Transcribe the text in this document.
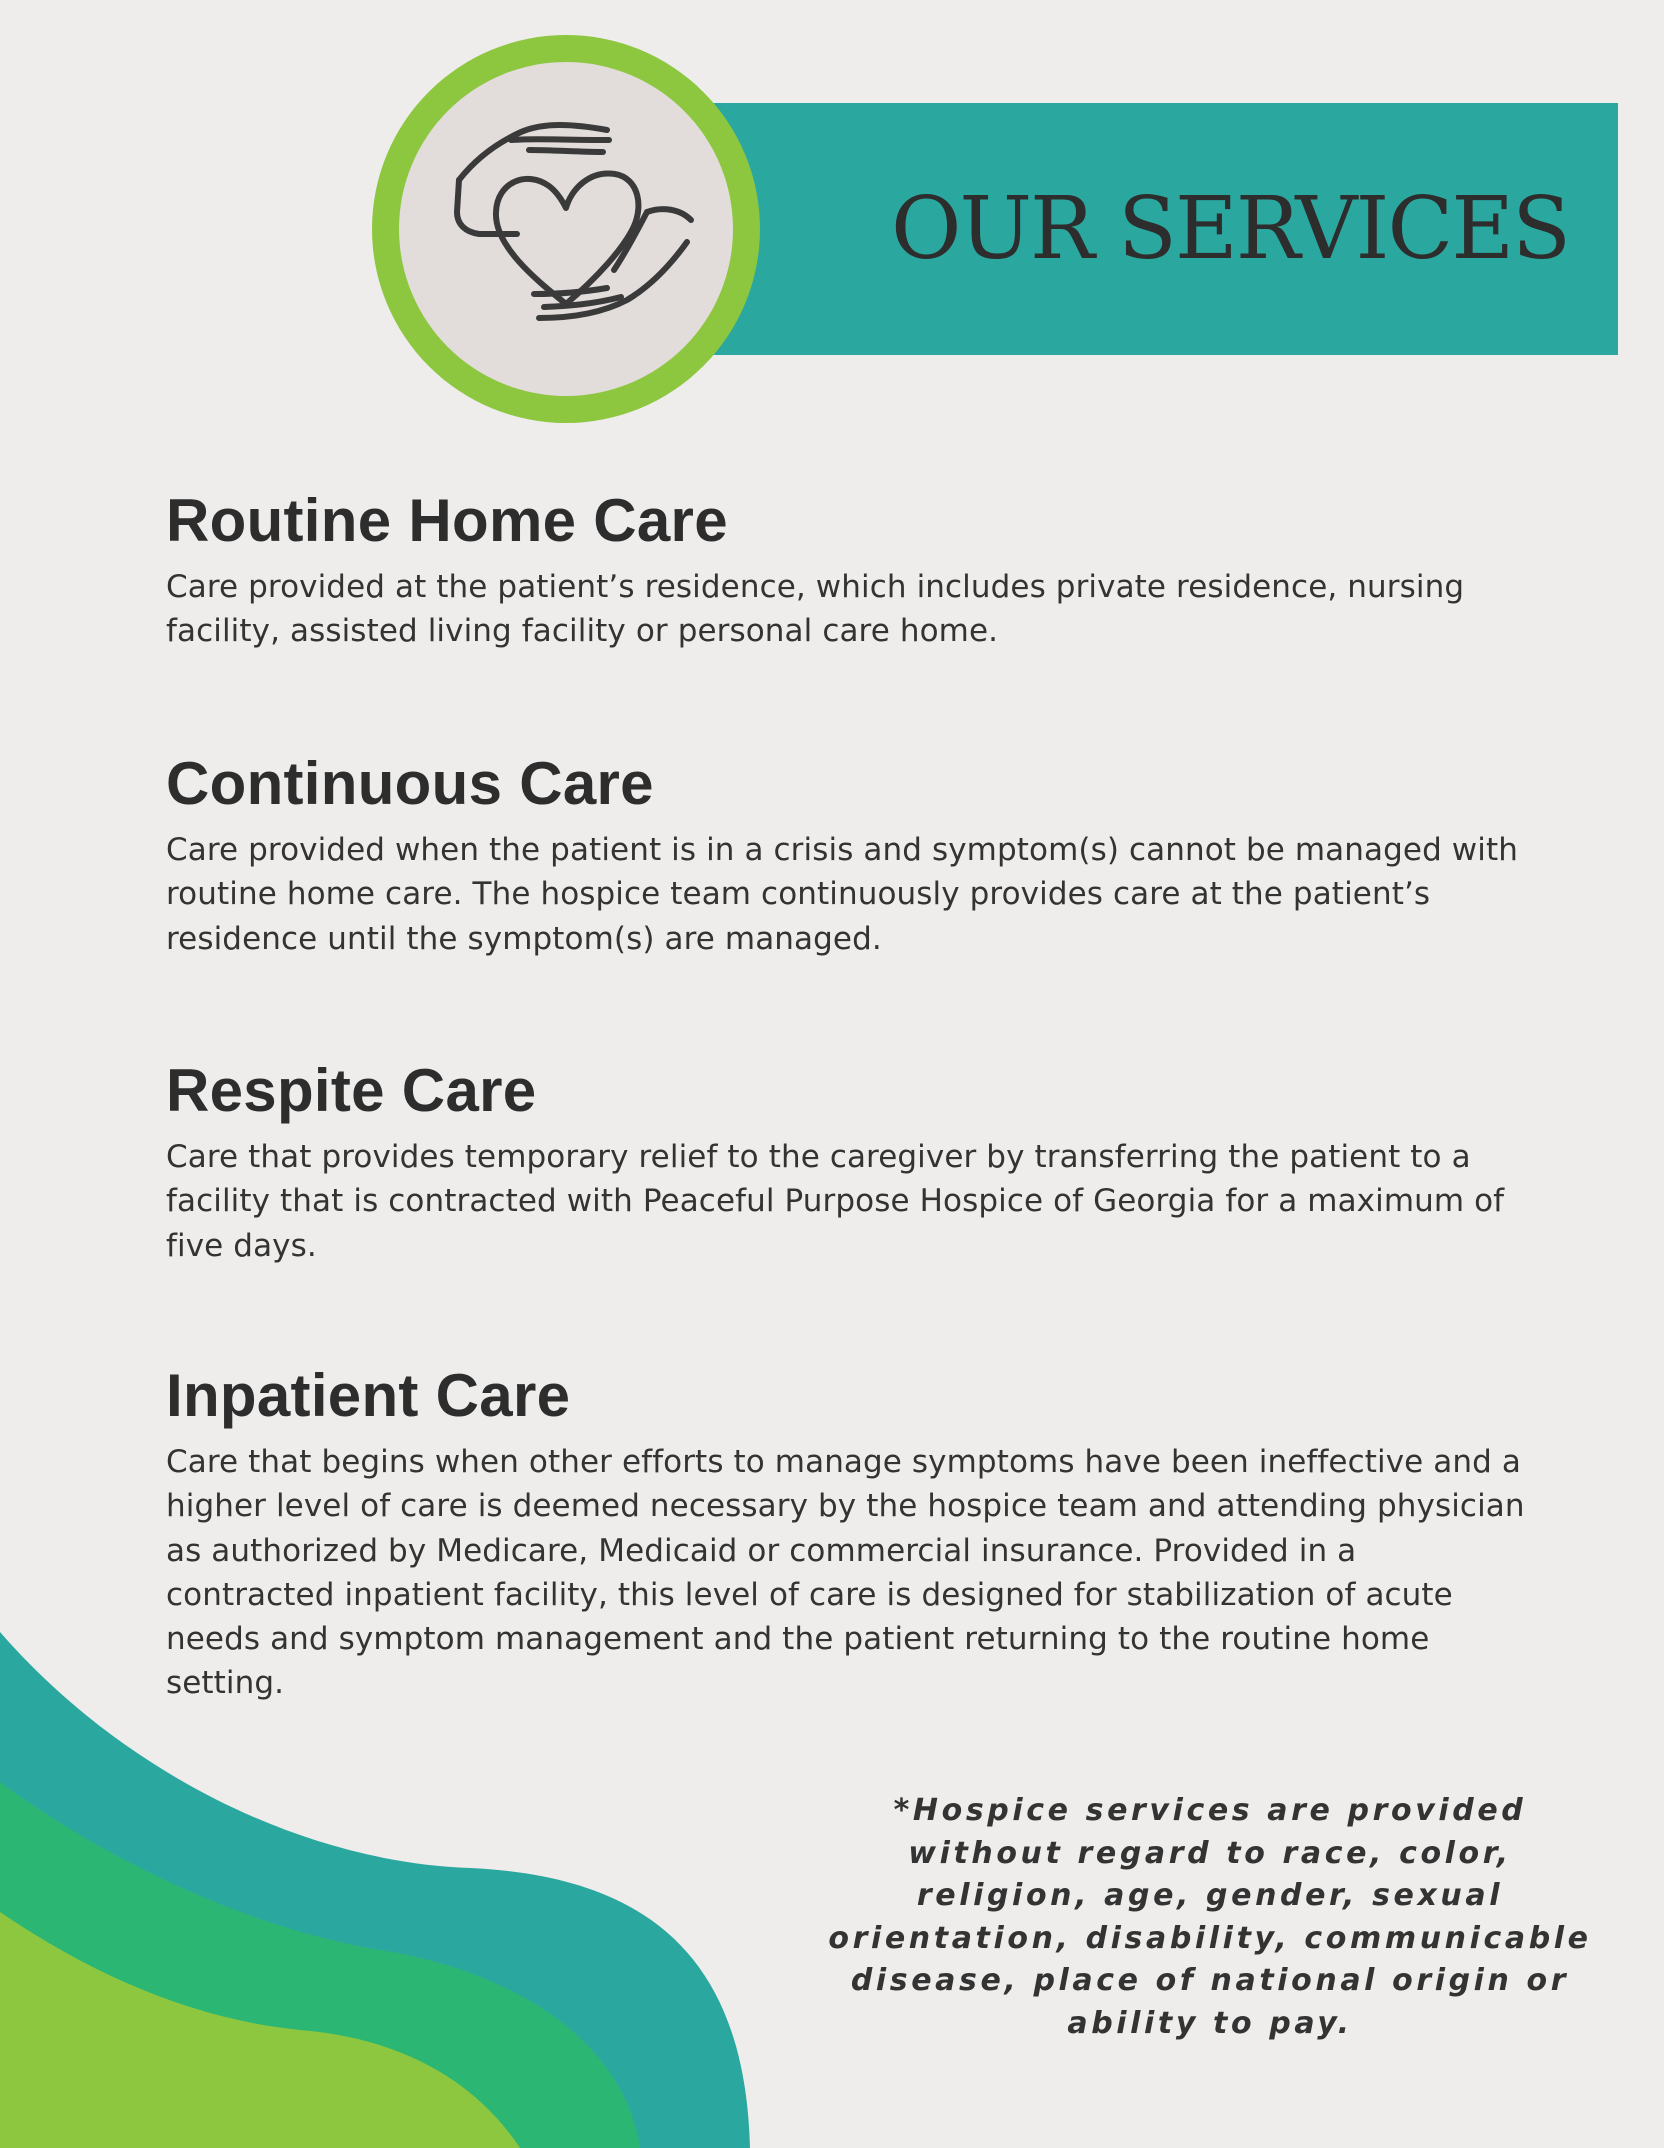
OUR SERVICES
Routine Home Care

Care provided at the patient’s residence, which includes private residence, nursing facility, assisted living facility or personal care home.

Continuous Care

Care provided when the patient is in a crisis and symptom(s) cannot be managed with routine home care. The hospice team continuously provides care at the patient’s residence until the symptom(s) are managed.

Respite Care

Care that provides temporary relief to the caregiver by transferring the patient to a facility that is contracted with Peaceful Purpose Hospice of Georgia for a maximum of five days.

Inpatient Care

Care that begins when other efforts to manage symptoms have been ineffective and a higher level of care is deemed necessary by the hospice team and attending physician as authorized by Medicare, Medicaid or commercial insurance. Provided in a contracted inpatient facility, this level of care is designed for stabilization of acute needs and symptom management and the patient returning to the routine home setting.

*Hospice services are provided without regard to race, color, religion, age, gender, sexual orientation, disability, communicable disease, place of national origin or ability to pay.
